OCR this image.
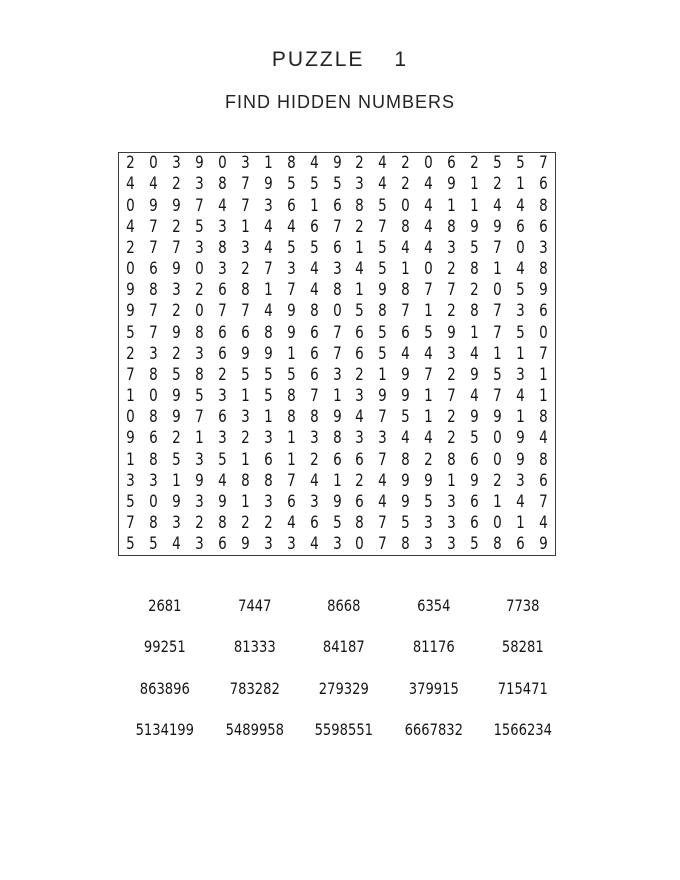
PUZZLE 1
FIND HIDDEN NUMBERS
2 0 3 9 0 3 1 8 4 9 2 4 2 0 6 2 5 5 7
4 4 2 3 8 7 9 5 5 5 3 4 2 4 9 1 2 1 6
0 9 9 7 4 7 3 6 1 6 8 5 0 4 1 1 4 4 8
4 7 2 5 3 1 4 4 6 7 2 7 8 4 8 9 9 6 6
2 7 7 3 8 3 4 5 5 6 1 5 4 4 3 5 7 0 3
0 6 9 0 3 2 7 3 4 3 4 5 1 0 2 8 1 4 8
9 8 3 2 6 8 1 7 4 8 1 9 8 7 7 2 0 5 9
9 7 2 0 7 7 4 9 8 0 5 8 7 1 2 8 7 3 6
5 7 9 8 6 6 8 9 6 7 6 5 6 5 9 1 7 5 0
2 3 2 3 6 9 9 1 6 7 6 5 4 4 3 4 1 1 7
7 8 5 8 2 5 5 5 6 3 2 1 9 7 2 9 5 3 1
1 0 9 5 3 1 5 8 7 1 3 9 9 1 7 4 7 4 1
0 8 9 7 6 3 1 8 8 9 4 7 5 1 2 9 9 1 8
9 6 2 1 3 2 3 1 3 8 3 3 4 4 2 5 0 9 4
1 8 5 3 5 1 6 1 2 6 6 7 8 2 8 6 0 9 8
3 3 1 9 4 8 8 7 4 1 2 4 9 9 1 9 2 3 6
5 0 9 3 9 1 3 6 3 9 6 4 9 5 3 6 1 4 7
7 8 3 2 8 2 2 4 6 5 8 7 5 3 3 6 0 1 4
5 5 4 3 6 9 3 3 4 3 0 7 8 3 3 5 8 6 9
2681	7447	8668	6354	7738
99251	81333	84187	81176	58281
863896	783282	279329	379915	715471
5134199	5489958	5598551	6667832	1566234
